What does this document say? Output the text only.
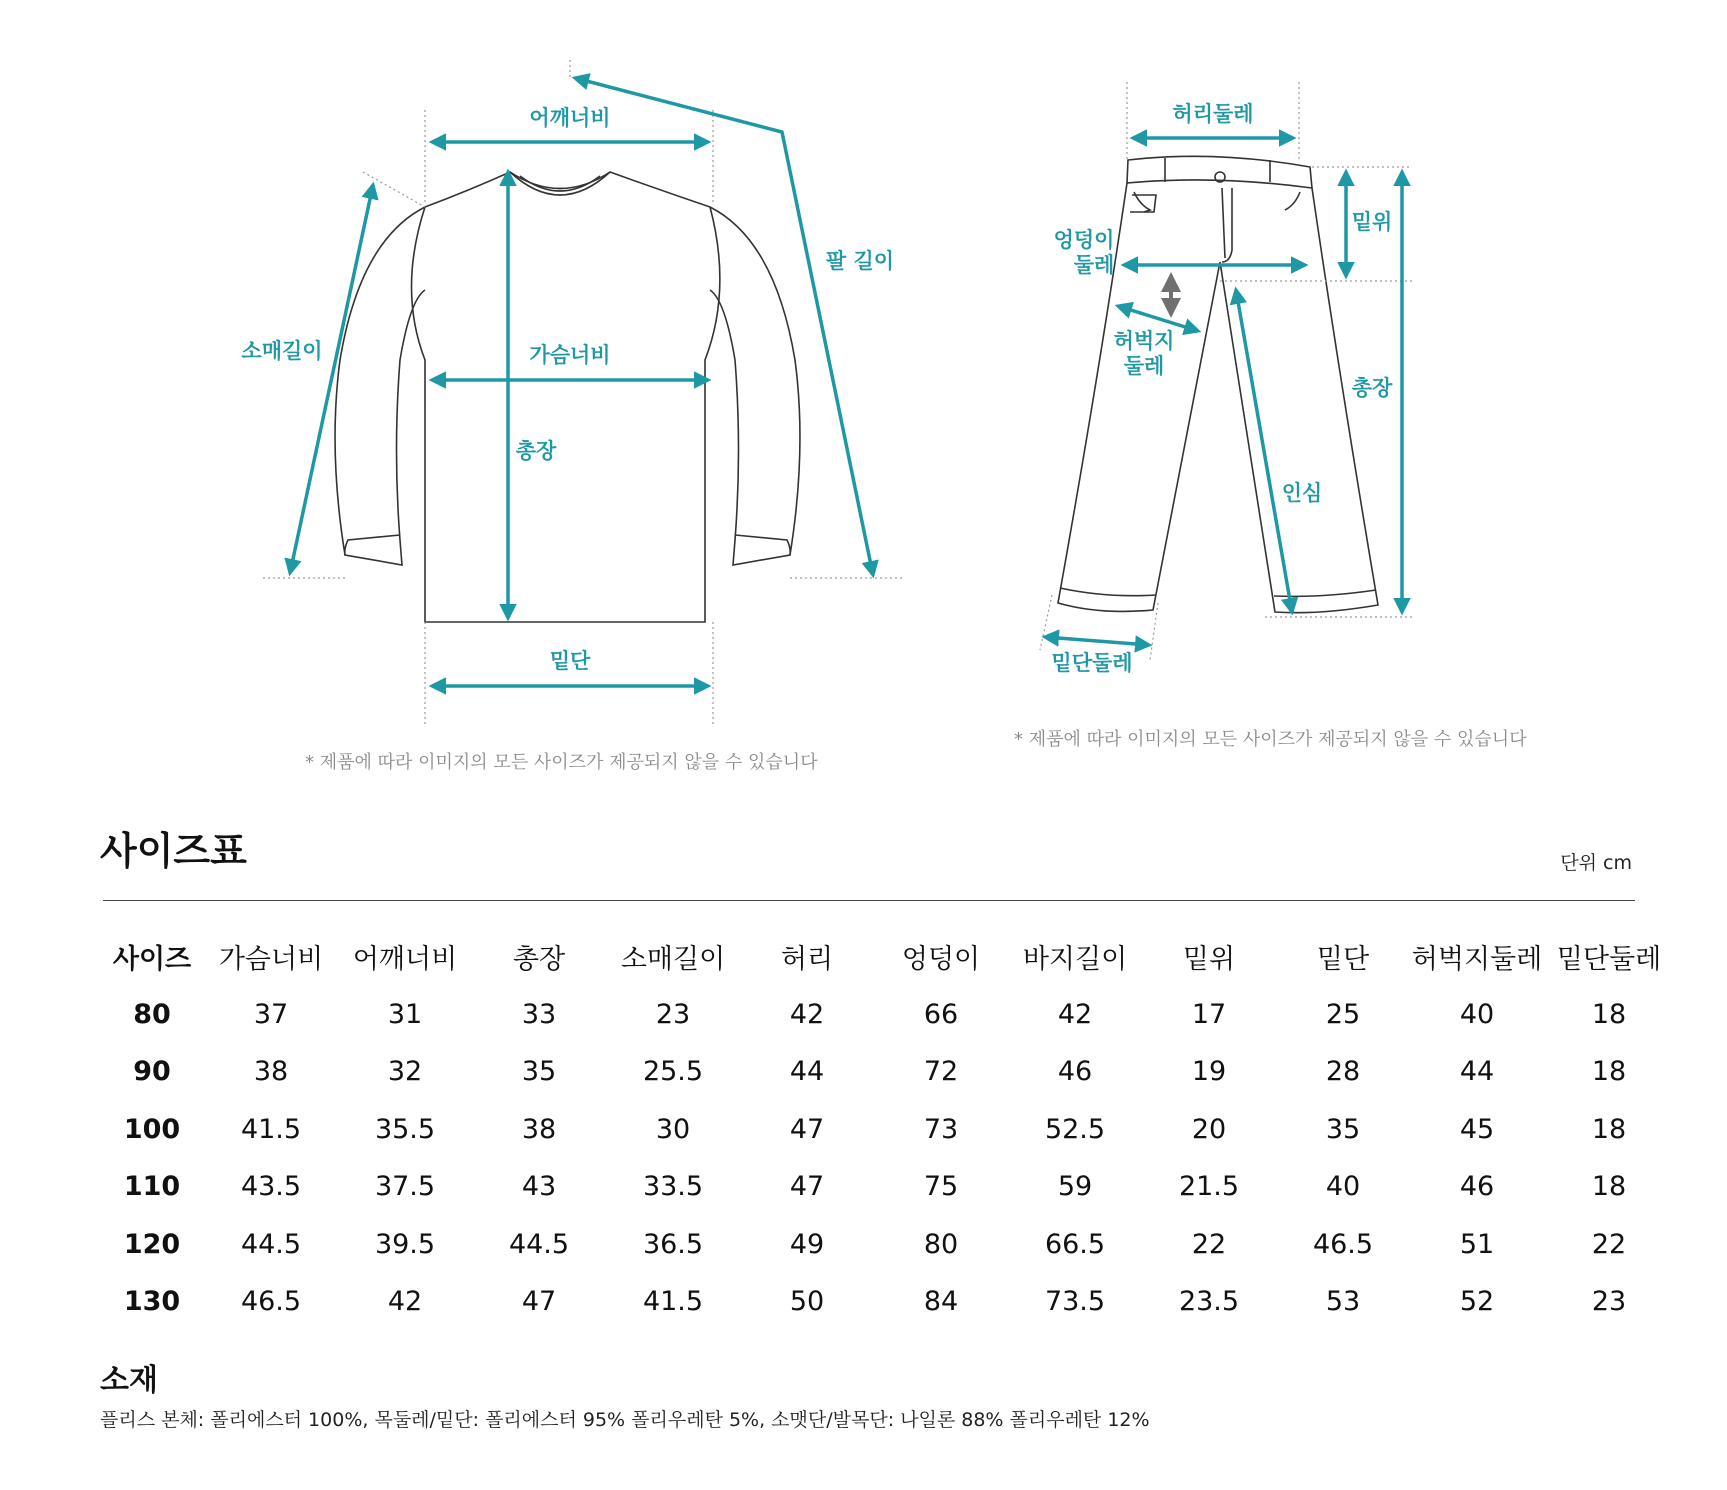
어깨너비
팔 길이
소매길이	가슴너비
총장
밑단
허리둘레
엉덩이
둘레
밑위
허벅지
둘레
총장
인심
밑단둘레
* 제품에 따라 이미지의 모든 사이즈가 제공되지 않을 수 있습니다
* 제품에 따라 이미지의 모든 사이즈가 제공되지 않을 수 있습니다
사이즈표	단위 cm
사이즈	가슴너비	어깨너비	총장	소매길이	허리	엉덩이	바지길이	밑위	밑단	허벅지둘레	밑단둘레
80	37	31	33	23	42	66	42	17	25	40	18
90	38	32	35	25.5	44	72	46	19	28	44	18
100	41.5	35.5	38	30	47	73	52.5	20	35	45	18
110	43.5	37.5	43	33.5	47	75	59	21.5	40	46	18
120	44.5	39.5	44.5	36.5	49	80	66.5	22	46.5	51	22
130	46.5	42	47	41.5	50	84	73.5	23.5	53	52	23
소재
플리스 본체: 폴리에스터 100%, 목둘레/밑단: 폴리에스터 95% 폴리우레탄 5%, 소맷단/발목단: 나일론 88% 폴리우레탄 12%
